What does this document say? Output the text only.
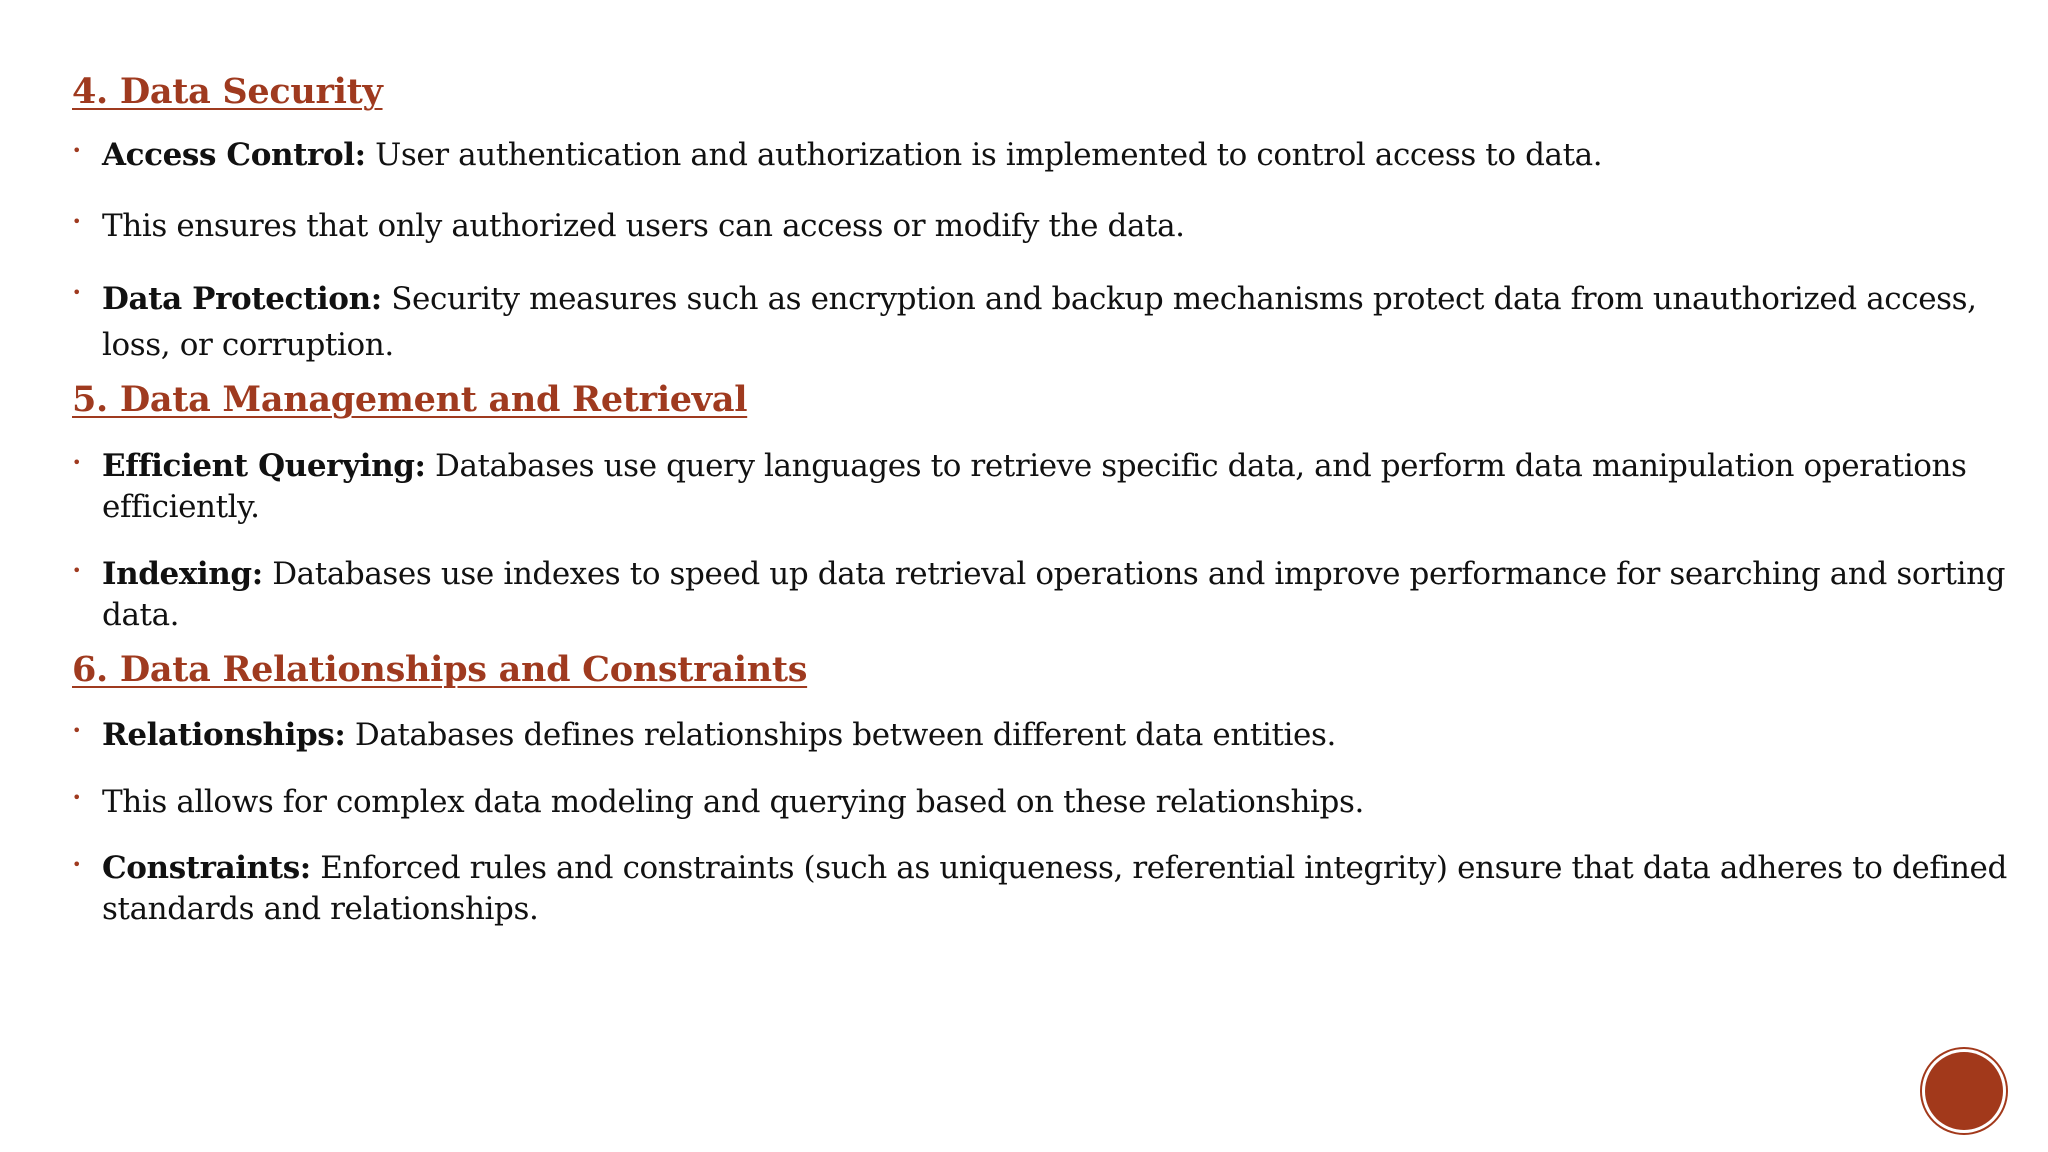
4. Data Security
• Access Control: User authentication and authorization is implemented to control access to data.
• This ensures that only authorized users can access or modify the data.
• Data Protection: Security measures such as encryption and backup mechanisms protect data from unauthorized access, loss, or corruption.
5. Data Management and Retrieval
• Efficient Querying: Databases use query languages to retrieve specific data, and perform data manipulation operations efficiently.
• Indexing: Databases use indexes to speed up data retrieval operations and improve performance for searching and sorting data.
6. Data Relationships and Constraints
• Relationships: Databases defines relationships between different data entities.
• This allows for complex data modeling and querying based on these relationships.
• Constraints: Enforced rules and constraints (such as uniqueness, referential integrity) ensure that data adheres to defined standards and relationships.
